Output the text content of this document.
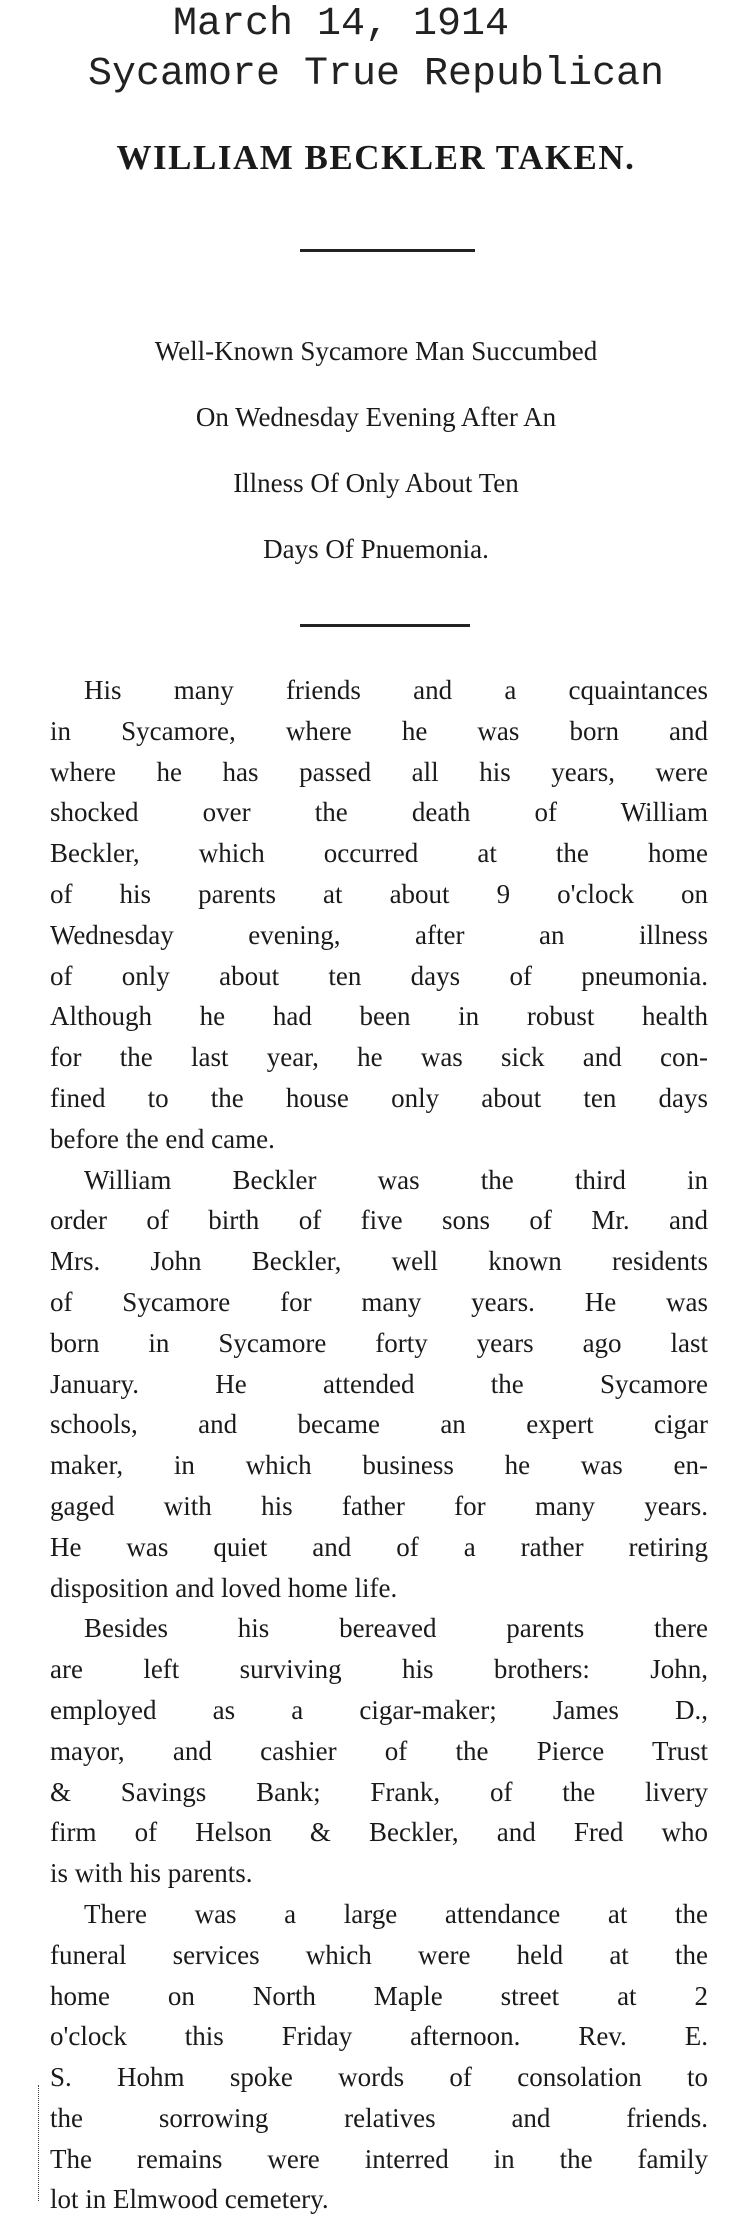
March 14, 1914
Sycamore True Republican
WILLIAM BECKLER TAKEN.
Well-Known Sycamore Man Succumbed
On Wednesday Evening After An
Illness Of Only About Ten
Days Of Pnuemonia.
His many friends and a cquaintances
in Sycamore, where he was born and
where he has passed all his years, were
shocked over the death of William
Beckler, which occurred at the home
of his parents at about 9 o'clock on
Wednesday evening, after an illness
of only about ten days of pneumonia.
Although he had been in robust health
for the last year, he was sick and con-
fined to the house only about ten days
before the end came.
William Beckler was the third in
order of birth of five sons of Mr. and
Mrs. John Beckler, well known residents
of Sycamore for many years. He was
born in Sycamore forty years ago last
January. He attended the Sycamore
schools, and became an expert cigar
maker, in which business he was en-
gaged with his father for many years.
He was quiet and of a rather retiring
disposition and loved home life.
Besides his bereaved parents there
are left surviving his brothers: John,
employed as a cigar-maker; James D.,
mayor, and cashier of the Pierce Trust
& Savings Bank; Frank, of the livery
firm of Helson & Beckler, and Fred who
is with his parents.
There was a large attendance at the
funeral services which were held at the
home on North Maple street at 2
o'clock this Friday afternoon. Rev. E.
S. Hohm spoke words of consolation to
the sorrowing relatives and friends.
The remains were interred in the family
lot in Elmwood cemetery.
